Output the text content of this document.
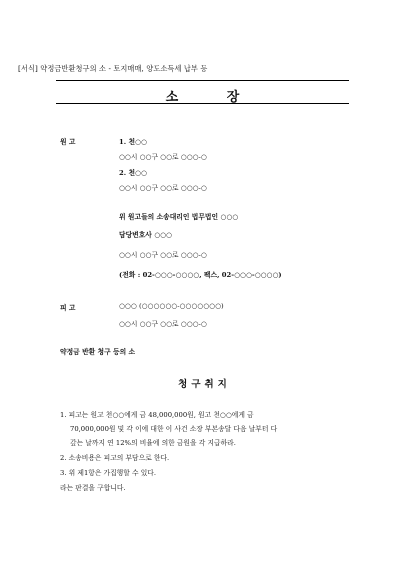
[서식] 약정금반환청구의 소 - 토지매매, 양도소득세 납부 등
소 장
원 고	1. 천○○
○○시 ○○구 ○○로 ○○○-○
2. 천○○
○○시 ○○구 ○○로 ○○○-○
위 원고들의 소송대리인 법무법인 ○○○
담당변호사 ○○○
○○시 ○○구 ○○로 ○○○-○
(전화 : 02-○○○-○○○○, 팩스, 02-○○○-○○○○)
피 고	○○○ (○○○○○○-○○○○○○○)
○○시 ○○구 ○○로 ○○○-○
약정금 반환 청구 등의 소
청구취지
1. 피고는 원고 천○○에게 금 48,000,000원, 원고 천○○에게 금
70,000,000원 및 각 이에 대한 이 사건 소장 부본송달 다음 날부터 다
갚는 날까지 연 12%의 비율에 의한 금원을 각 지급하라.
2. 소송비용은 피고의 부담으로 한다.
3. 위 제1항은 가집행할 수 있다.
라는 판결을 구합니다.
